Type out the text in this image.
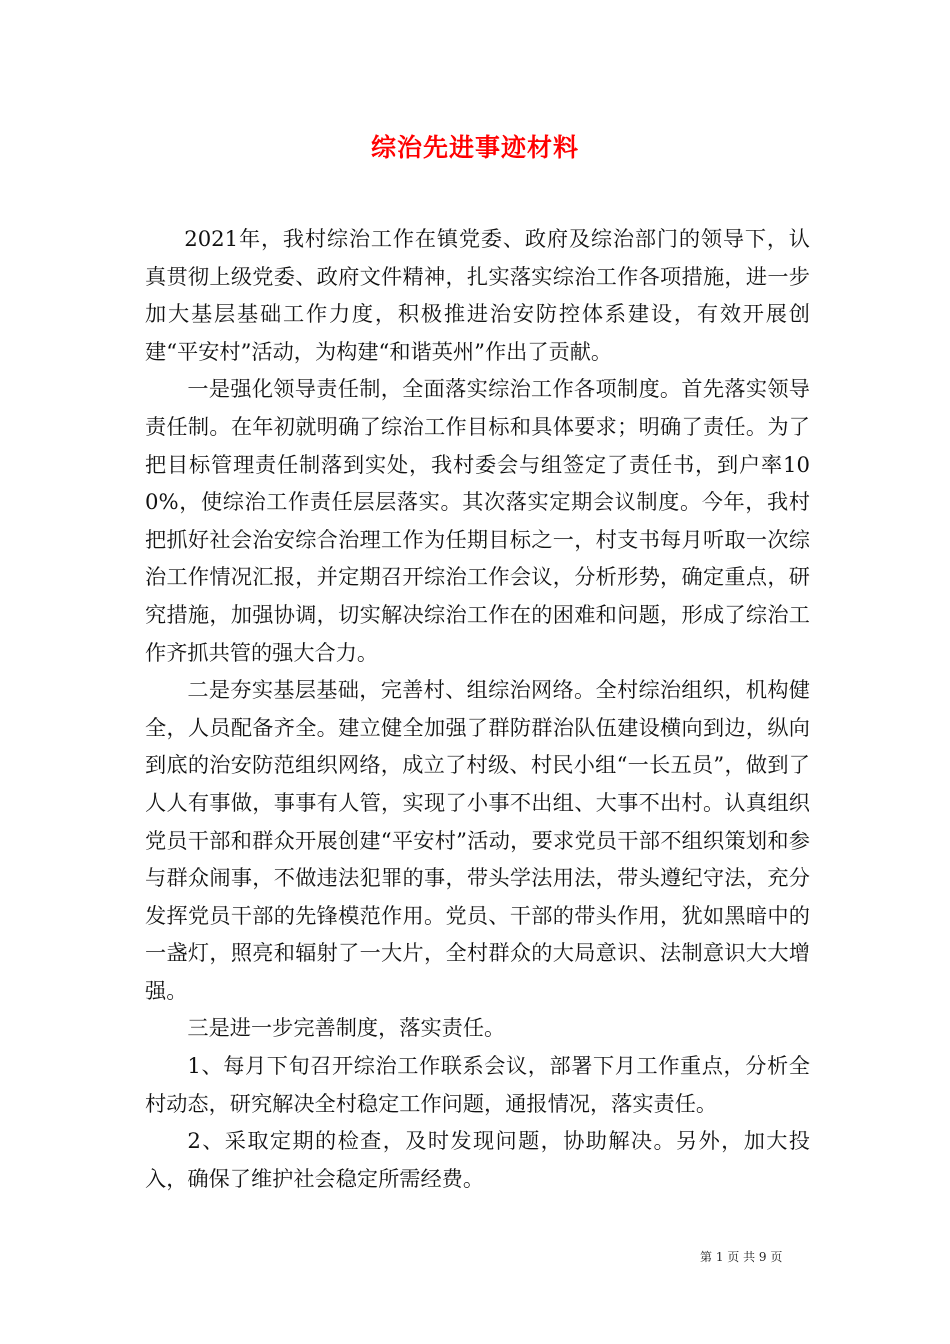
综治先进事迹材料

2021年，我村综治工作在镇党委、政府及综治部门的领导下，认真贯彻上级党委、政府文件精神，扎实落实综治工作各项措施，进一步加大基层基础工作力度，积极推进治安防控体系建设，有效开展创建“平安村”活动，为构建“和谐英州”作出了贡献。

一是强化领导责任制，全面落实综治工作各项制度。首先落实领导责任制。在年初就明确了综治工作目标和具体要求；明确了责任。为了把目标管理责任制落到实处，我村委会与组签定了责任书，到户率100%，使综治工作责任层层落实。其次落实定期会议制度。今年，我村把抓好社会治安综合治理工作为任期目标之一，村支书每月听取一次综治工作情况汇报，并定期召开综治工作会议，分析形势，确定重点，研究措施，加强协调，切实解决综治工作在的困难和问题，形成了综治工作齐抓共管的强大合力。

二是夯实基层基础，完善村、组综治网络。全村综治组织，机构健全，人员配备齐全。建立健全加强了群防群治队伍建设横向到边，纵向到底的治安防范组织网络，成立了村级、村民小组“一长五员”，做到了人人有事做，事事有人管，实现了小事不出组、大事不出村。认真组织党员干部和群众开展创建“平安村”活动，要求党员干部不组织策划和参与群众闹事，不做违法犯罪的事，带头学法用法，带头遵纪守法，充分发挥党员干部的先锋模范作用。党员、干部的带头作用，犹如黑暗中的一盏灯，照亮和辐射了一大片，全村群众的大局意识、法制意识大大增强。

三是进一步完善制度，落实责任。

1、每月下旬召开综治工作联系会议，部署下月工作重点，分析全村动态，研究解决全村稳定工作问题，通报情况，落实责任。

2、采取定期的检查，及时发现问题，协助解决。另外，加大投入，确保了维护社会稳定所需经费。

第 1 页 共 9 页
